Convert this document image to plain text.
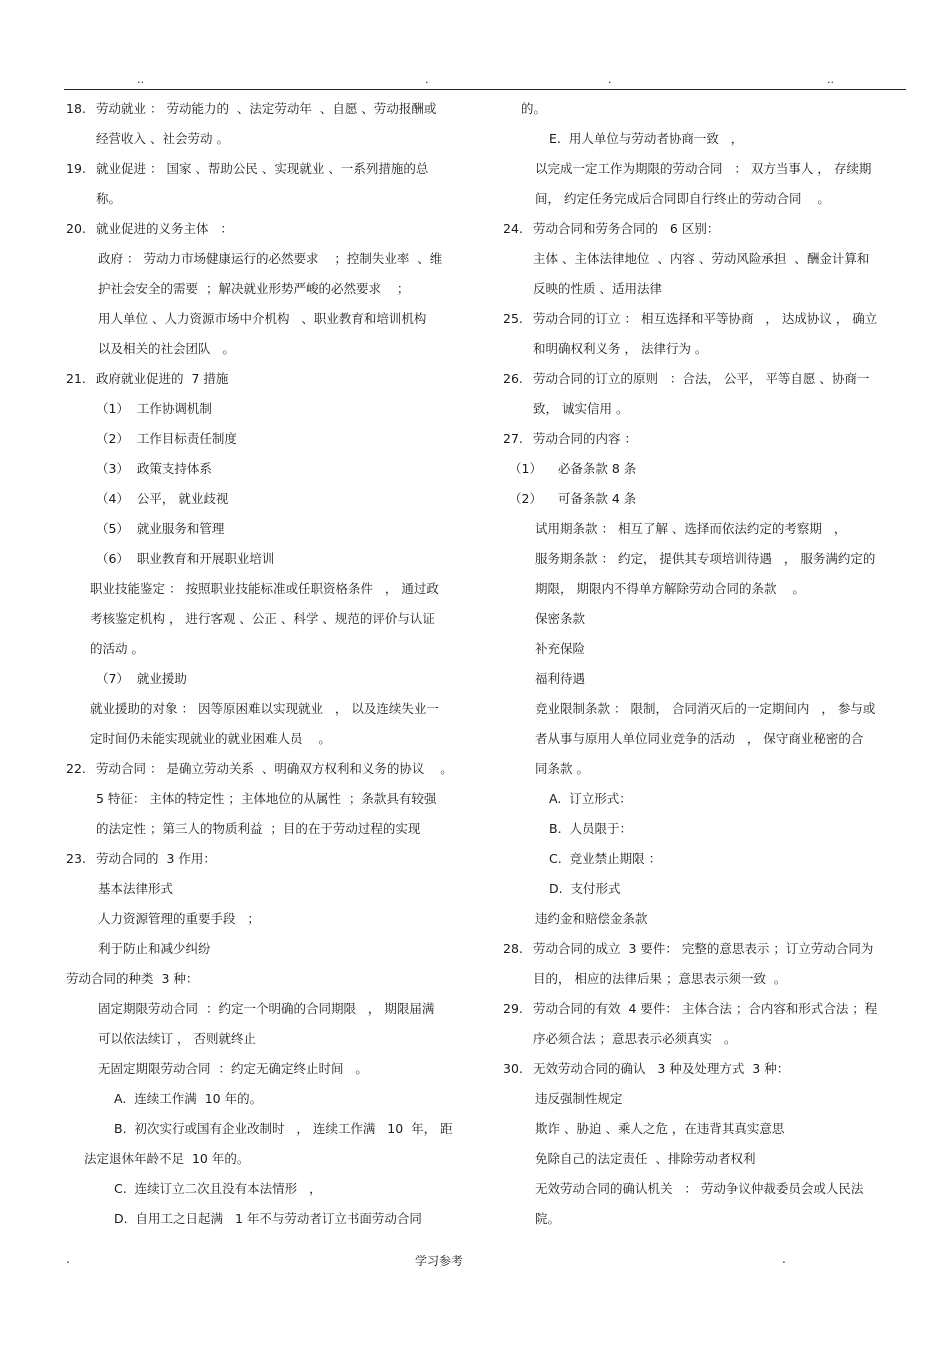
..	.	.	..
18. 劳动就业 ： 劳动能力的  、法定劳动年  、自愿 、劳动报酬或
经营收入 、社会劳动 。
19. 就业促进 ： 国家 、帮助公民 、实现就业 、一系列措施的总
称。
20. 就业促进的义务主体   ：
政府 ： 劳动力市场健康运行的必然要求    ；控制失业率  、维
护社会安全的需要  ；解决就业形势严峻的必然要求    ；
用人单位 、人力资源市场中介机构   、职业教育和培训机构
以及相关的社会团队   。
21. 政府就业促进的  7 措施
（1）  工作协调机制
（2）  工作目标责任制度
（3）  政策支持体系
（4）  公平， 就业歧视
（5）  就业服务和管理
（6）  职业教育和开展职业培训
职业技能鉴定 ： 按照职业技能标准或任职资格条件   ， 通过政
考核鉴定机构 ， 进行客观 、公正 、科学 、规范的评价与认证
的活动 。
（7）  就业援助
就业援助的对象 ： 因等原困难以实现就业   ， 以及连续失业一
定时间仍未能实现就业的就业困难人员    。
22. 劳动合同 ： 是确立劳动关系  、明确双方权利和义务的协议    。
5 特征： 主体的特定性 ；主体地位的从属性  ；条款具有较强
的法定性 ；第三人的物质利益  ；目的在于劳动过程的实现
23. 劳动合同的  3 作用：
基本法律形式
人力资源管理的重要手段   ；
利于防止和减少纠纷
劳动合同的种类  3 种：
固定期限劳动合同  ：约定一个明确的合同期限   ， 期限届满
可以依法续订 ， 否则就终止
无固定期限劳动合同  ：约定无确定终止时间   。
A.  连续工作满  10 年的。
B.  初次实行或国有企业改制时   ， 连续工作满   10  年， 距
法定退休年龄不足  10 年的。
C.  连续订立二次且没有本法情形   ，
D.  自用工之日起满   1 年不与劳动者订立书面劳动合同
的。
E.  用人单位与劳动者协商一致   ，
以完成一定工作为期限的劳动合同   ： 双方当事人 ， 存续期
间， 约定任务完成后合同即自行终止的劳动合同    。
24. 劳动合同和劳务合同的   6 区别：
主体 、主体法律地位  、内容 、劳动风险承担  、酬金计算和
反映的性质 、适用法律
25. 劳动合同的订立 ： 相互选择和平等协商   ， 达成协议 ， 确立
和明确权利义务 ， 法律行为 。
26. 劳动合同的订立的原则   ：合法， 公平， 平等自愿 、协商一
致， 诚实信用 。
27. 劳动合同的内容 ：
（1）    必备条款 8 条
（2）    可备条款 4 条
试用期条款 ： 相互了解 、选择而依法约定的考察期   ，
服务期条款 ： 约定， 提供其专项培训待遇   ， 服务满约定的
期限， 期限内不得单方解除劳动合同的条款    。
保密条款
补充保险
福利待遇
竞业限制条款 ： 限制， 合同消灭后的一定期间内   ， 参与或
者从事与原用人单位同业竞争的活动   ， 保守商业秘密的合
同条款 。
A.  订立形式：
B.  人员限于：
C.  竞业禁止期限 ：
D.  支付形式
违约金和赔偿金条款
28. 劳动合同的成立  3 要件： 完整的意思表示 ；订立劳动合同为
目的， 相应的法律后果 ；意思表示须一致  。
29. 劳动合同的有效  4 要件： 主体合法 ；合内容和形式合法 ；程
序必须合法 ；意思表示必须真实   。
30. 无效劳动合同的确认   3 种及处理方式  3 种：
违反强制性规定
欺诈 、胁迫 、乘人之危 ，在违背其真实意思
免除自己的法定责任  、排除劳动者权利
无效劳动合同的确认机关   ： 劳动争议仲裁委员会或人民法
院。
.	学习参考	.
